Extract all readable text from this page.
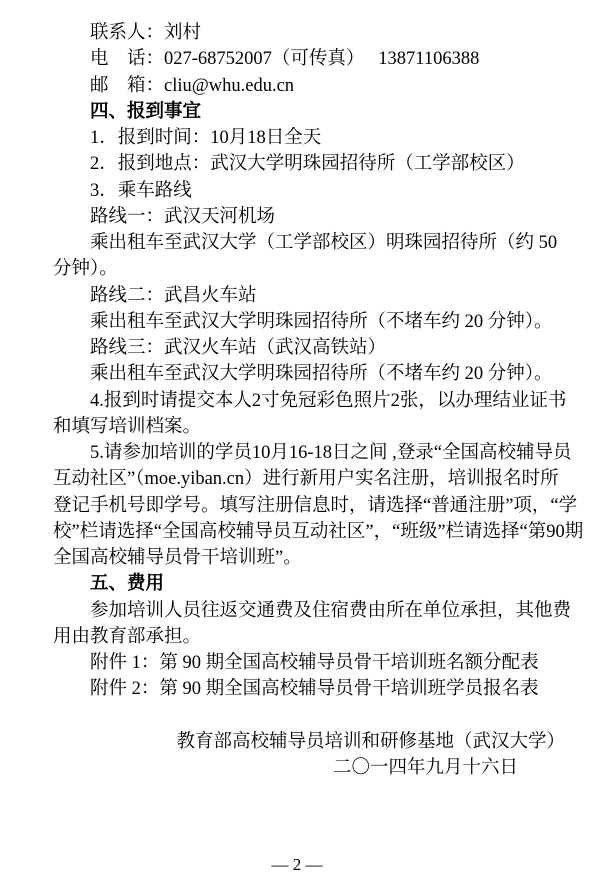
联系人：刘村
电　话：027-68752007（可传真）　 13871106388
邮　箱：cliu@whu.edu.cn
四、报到事宜
1．报到时间：10月18日全天
2．报到地点：武汉大学明珠园招待所（工学部校区）
3．乘车路线
路线一：武汉天河机场
乘出租车至武汉大学（工学部校区）明珠园招待所（约 50
分钟）。
路线二：武昌火车站
乘出租车至武汉大学明珠园招待所（不堵车约 20 分钟）。
路线三：武汉火车站（武汉高铁站）
乘出租车至武汉大学明珠园招待所（不堵车约 20 分钟）。
4.报到时请提交本人2寸免冠彩色照片2张，以办理结业证书
和填写培训档案。
5.请参加培训的学员10月16-18日之间 ,登录“全国高校辅导员
互动社区”（moe.yiban.cn）进行新用户实名注册，培训报名时所
登记手机号即学号。填写注册信息时，请选择“普通注册”项，“学
校”栏请选择“全国高校辅导员互动社区”，“班级”栏请选择“第90期
全国高校辅导员骨干培训班”。
五、费用
参加培训人员往返交通费及住宿费由所在单位承担，其他费
用由教育部承担。
附件 1：第 90 期全国高校辅导员骨干培训班名额分配表
附件 2：第 90 期全国高校辅导员骨干培训班学员报名表
教育部高校辅导员培训和研修基地（武汉大学）
二〇一四年九月十六日
— 2 —
